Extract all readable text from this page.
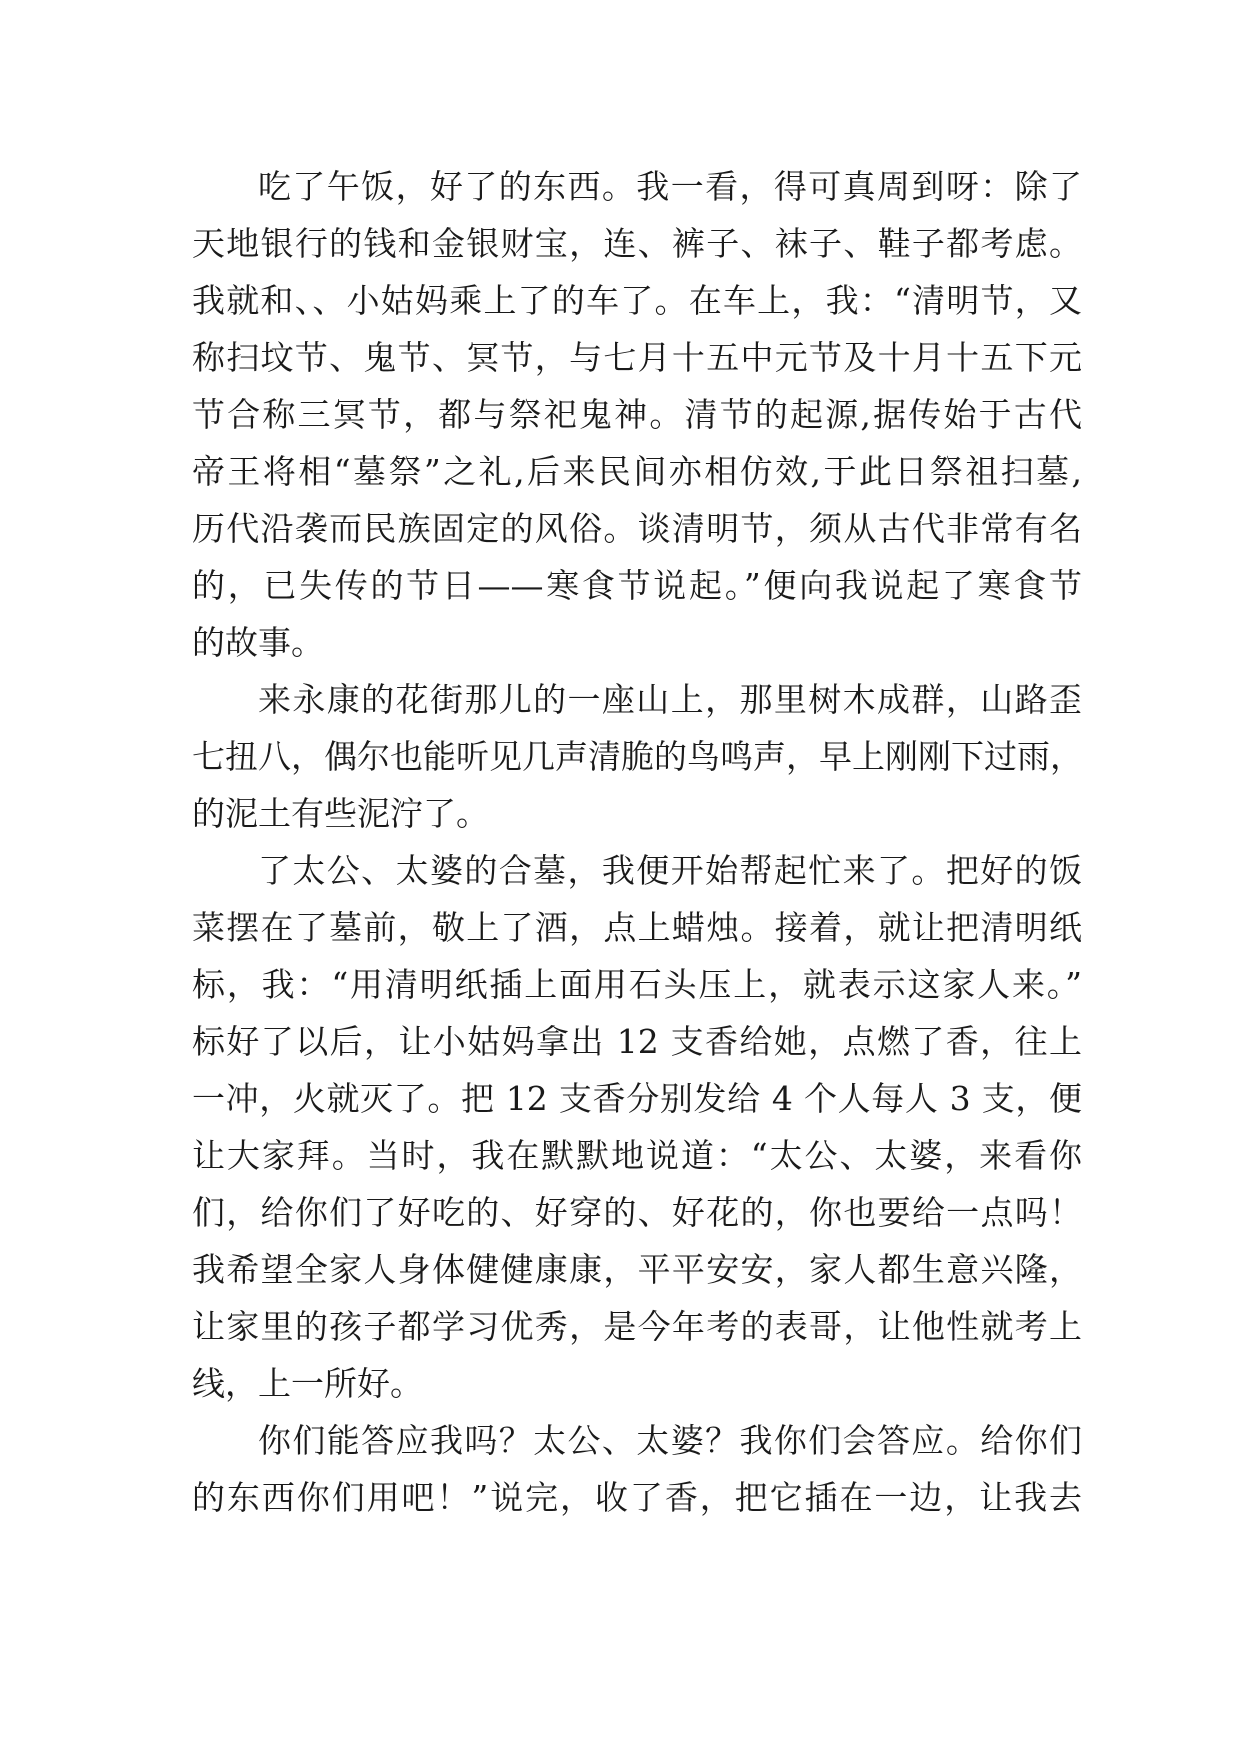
吃了午饭，好了的东西。我一看，得可真周到呀：除了
天地银行的钱和金银财宝，连、裤子、袜子、鞋子都考虑。
我就和、、小姑妈乘上了的车了。在车上，我：“清明节，又
称扫坟节、鬼节、冥节，与七月十五中元节及十月十五下元
节合称三冥节，都与祭祀鬼神。清节的起源,据传始于古代
帝王将相“墓祭”之礼,后来民间亦相仿效,于此日祭祖扫墓,
历代沿袭而民族固定的风俗。谈清明节，须从古代非常有名
的，已失传的节日——寒食节说起。”便向我说起了寒食节
的故事。
来永康的花街那儿的一座山上，那里树木成群，山路歪
七扭八，偶尔也能听见几声清脆的鸟鸣声，早上刚刚下过雨，
的泥土有些泥泞了。
了太公、太婆的合墓，我便开始帮起忙来了。把好的饭
菜摆在了墓前，敬上了酒，点上蜡烛。接着，就让把清明纸
标，我：“用清明纸插上面用石头压上，就表示这家人来。”
标好了以后，让小姑妈拿出 12 支香给她，点燃了香，往上
一冲，火就灭了。把 12 支香分别发给 4 个人每人 3 支，便
让大家拜。当时，我在默默地说道：“太公、太婆，来看你
们，给你们了好吃的、好穿的、好花的，你也要给一点吗！
我希望全家人身体健健康康，平平安安，家人都生意兴隆，
让家里的孩子都学习优秀，是今年考的表哥，让他性就考上
线，上一所好。
你们能答应我吗？太公、太婆？我你们会答应。给你们
的东西你们用吧！”说完，收了香，把它插在一边，让我去
